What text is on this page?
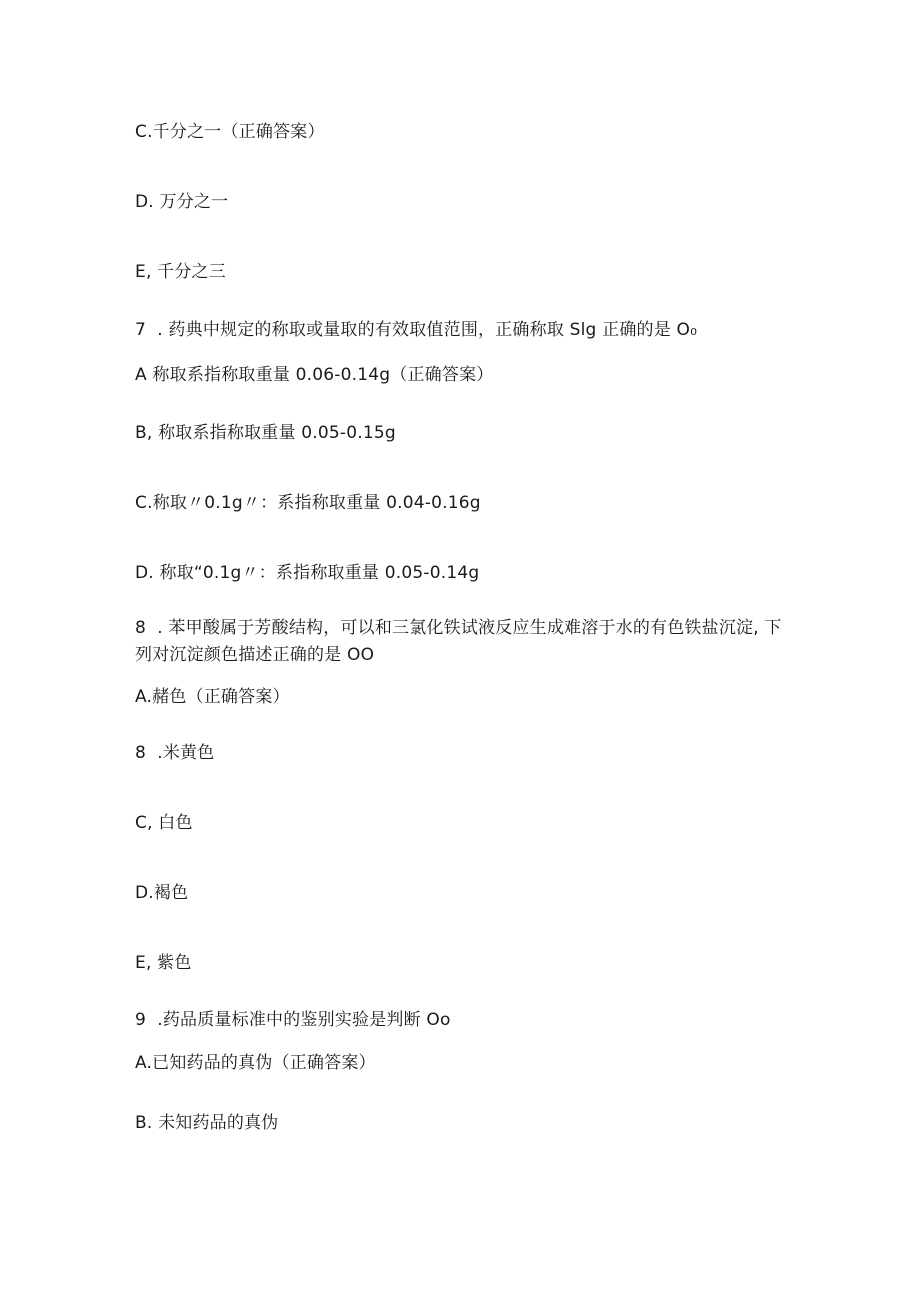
C.千分之一（正确答案）
D. 万分之一
E, 千分之三
7  . 药典中规定的称取或量取的有效取值范围，正确称取 Slg 正确的是 O₀
A 称取系指称取重量 0.06-0.14g（正确答案）
B, 称取系指称取重量 0.05-0.15g
C.称取〃0.1g〃：系指称取重量 0.04-0.16g
D. 称取“0.1g〃：系指称取重量 0.05-0.14g
8  . 苯甲酸属于芳酸结构，可以和三氯化铁试液反应生成难溶于水的有色铁盐沉淀, 下列对沉淀颜色描述正确的是 OO
A.赭色（正确答案）
8  .米黄色
C, 白色
D.褐色
E, 紫色
9  .药品质量标准中的鉴别实验是判断 Oo
A.已知药品的真伪（正确答案）
B. 未知药品的真伪
